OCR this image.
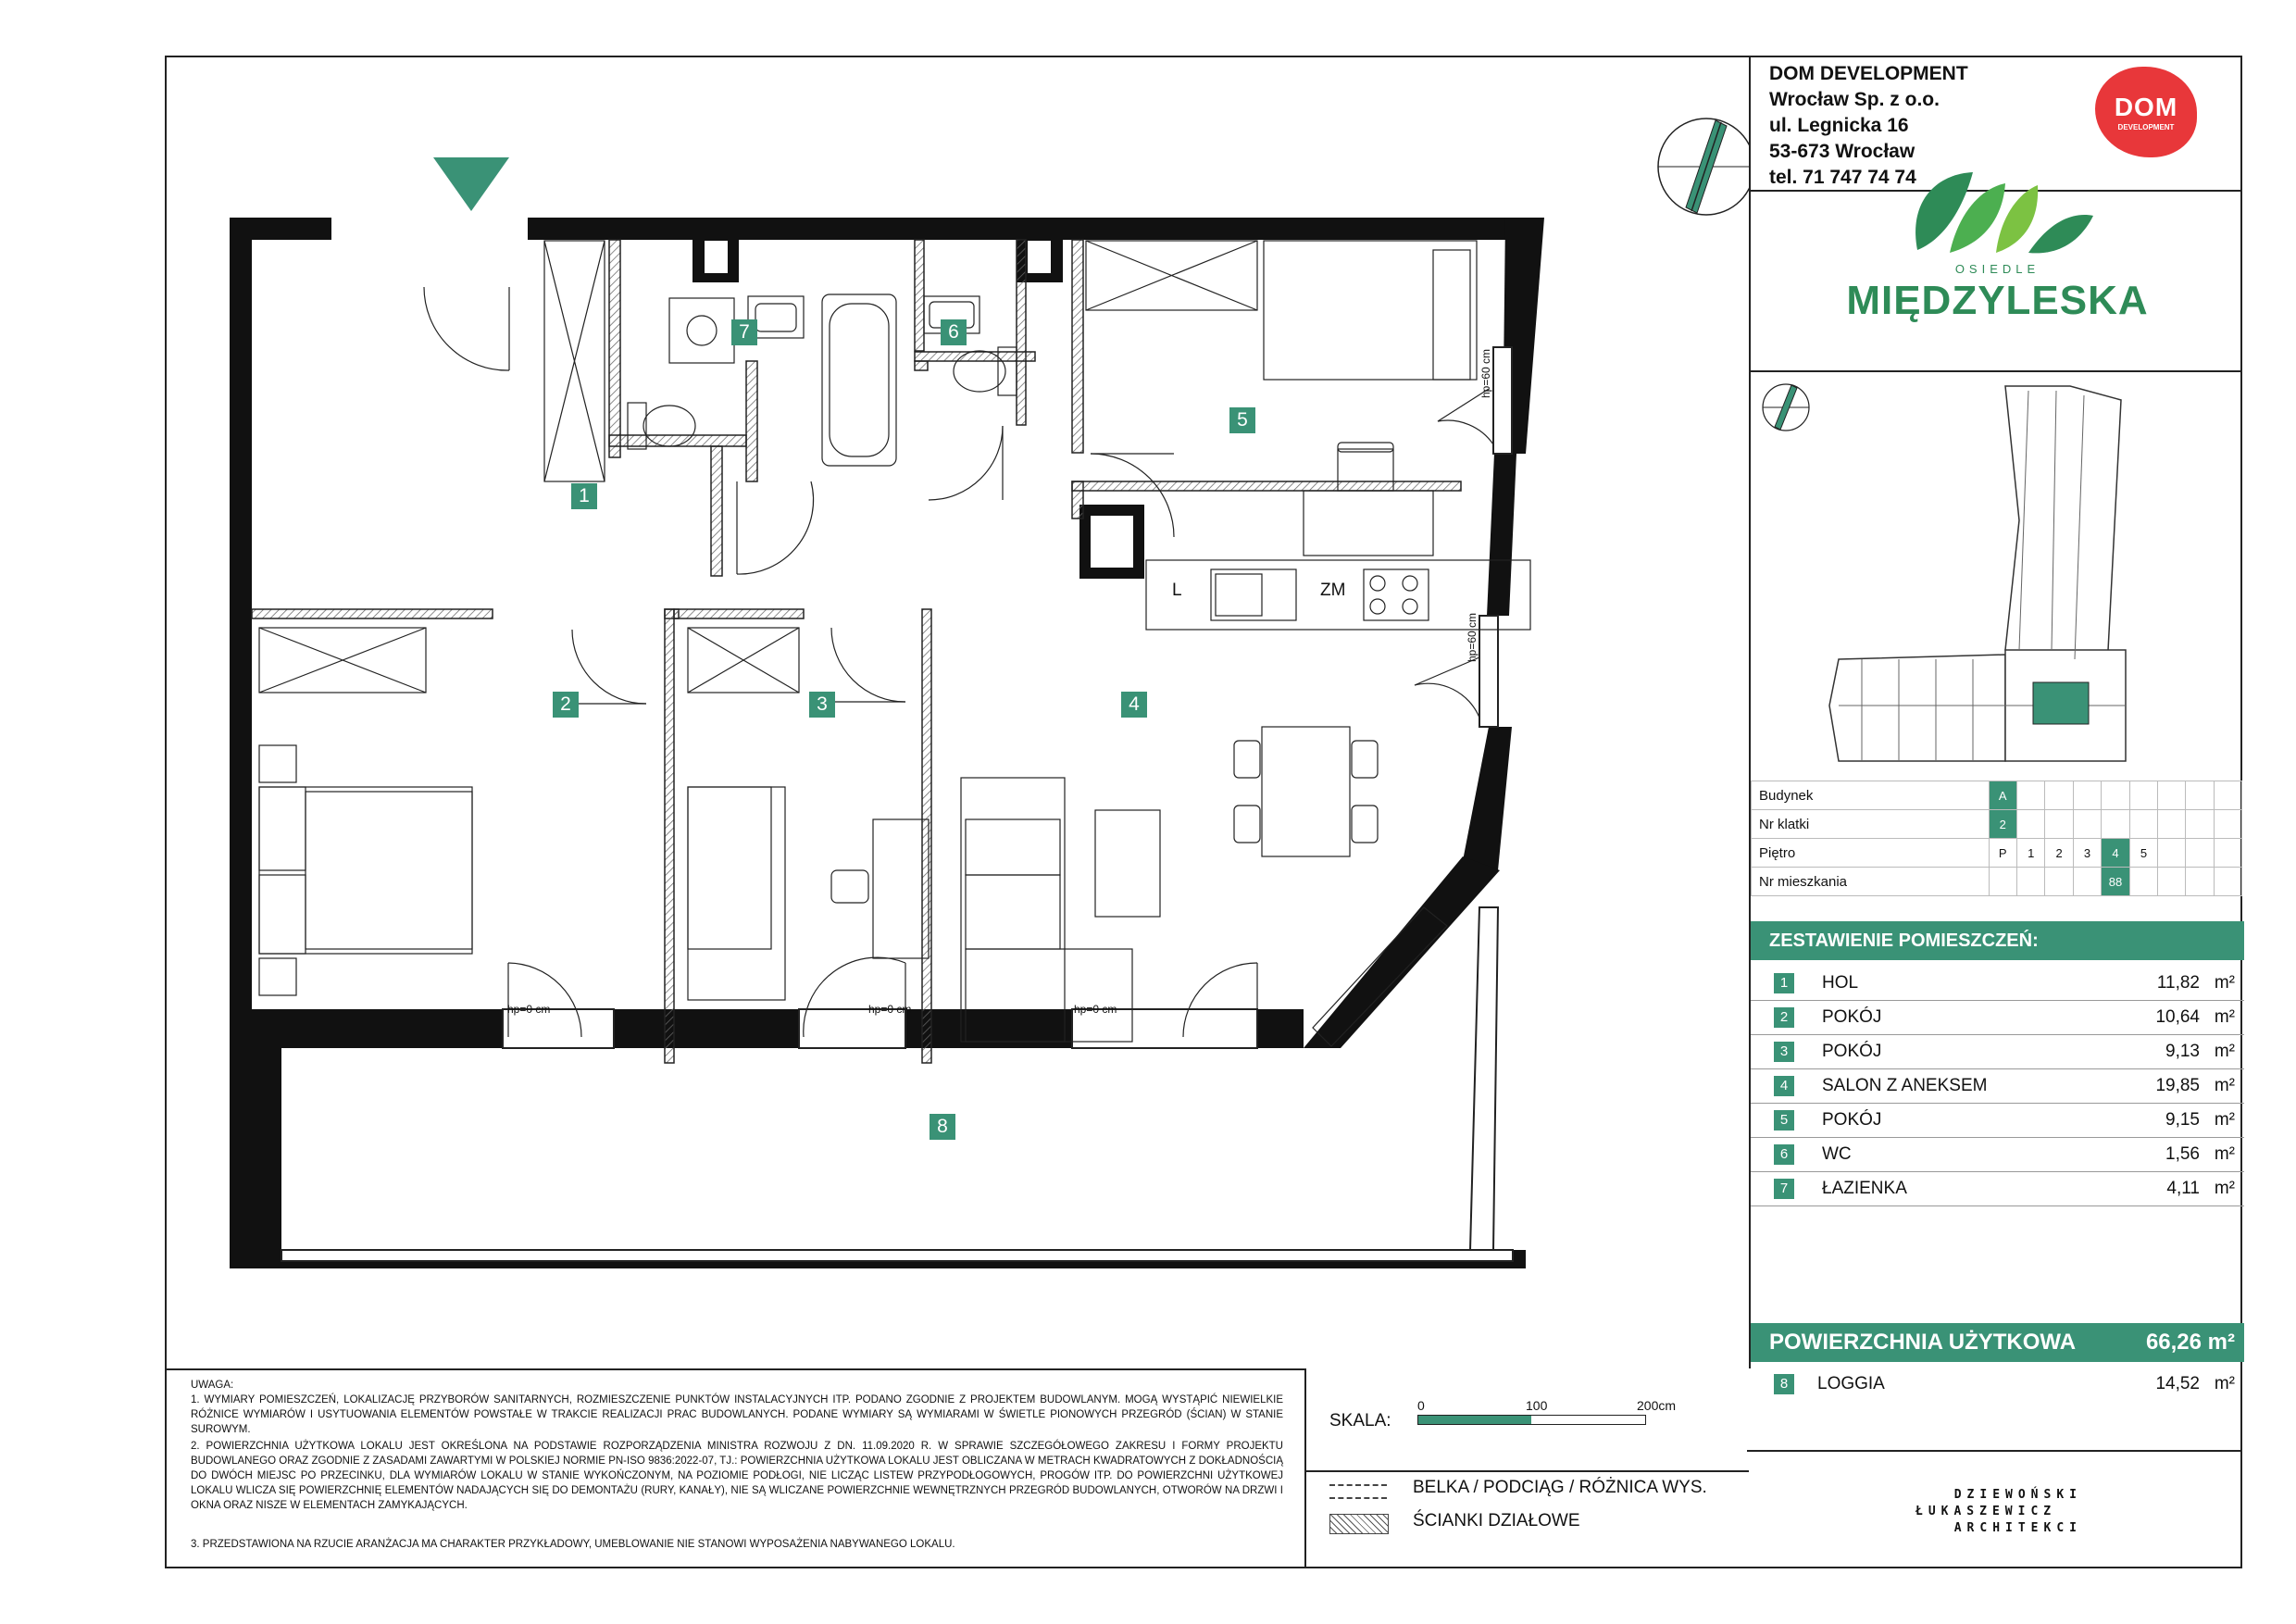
1
2	3	4
5
6
7
8
L	ZM
hp=60 cm
hp=60 cm
hp=0 cm	hp=0 cm	hp=0 cm
DOM DEVELOPMENT
Wrocław Sp. z o.o.
ul. Legnicka 16
53-673 Wrocław
tel. 71 747 74 74
DOM
DEVELOPMENT
OSIEDLE
MIĘDZYLESKA
Budynek	A								
Nr klatki	2								
Piętro	P	1	2	3	4	5			
Nr mieszkania					88				
ZESTAWIENIE POMIESZCZEŃ:
1	HOL	11,82 m²
2	POKÓJ	10,64 m²
3	POKÓJ	9,13 m²
4	SALON Z ANEKSEM	19,85 m²
5	POKÓJ	9,15 m²
6	WC	1,56 m²
7	ŁAZIENKA	4,11 m²
POWIERZCHNIA UŻYTKOWA	66,26 m²
8	LOGGIA	14,52 m²
UWAGA:
1. WYMIARY POMIESZCZEŃ, LOKALIZACJĘ PRZYBORÓW SANITARNYCH, ROZMIESZCZENIE PUNKTÓW INSTALACYJNYCH ITP. PODANO ZGODNIE Z PROJEKTEM BUDOWLANYM. MOGĄ WYSTĄPIĆ NIEWIELKIE RÓŻNICE WYMIARÓW I USYTUOWANIA ELEMENTÓW POWSTAŁE W TRAKCIE REALIZACJI PRAC BUDOWLANYCH. PODANE WYMIARY SĄ WYMIARAMI W ŚWIETLE PIONOWYCH PRZEGRÓD (ŚCIAN) W STANIE SUROWYM.
2. POWIERZCHNIA UŻYTKOWA LOKALU JEST OKREŚLONA NA PODSTAWIE ROZPORZĄDZENIA MINISTRA ROZWOJU Z DN. 11.09.2020 R. W SPRAWIE SZCZEGÓŁOWEGO ZAKRESU I FORMY PROJEKTU BUDOWLANEGO ORAZ ZGODNIE Z ZASADAMI ZAWARTYMI W POLSKIEJ NORMIE PN-ISO 9836:2022-07, TJ.: POWIERZCHNIA UŻYTKOWA LOKALU JEST OBLICZANA W METRACH KWADRATOWYCH Z DOKŁADNOŚCIĄ DO DWÓCH MIEJSC PO PRZECINKU, DLA WYMIARÓW LOKALU W STANIE WYKOŃCZONYM, NA POZIOMIE PODŁOGI, NIE LICZĄC LISTEW PRZYPODŁOGOWYCH, PROGÓW ITP. DO POWIERZCHNI UŻYTKOWEJ LOKALU WLICZA SIĘ POWIERZCHNIĘ ELEMENTÓW NADAJĄCYCH SIĘ DO DEMONTAŻU (RURY, KANAŁY), NIE SĄ WLICZANE POWIERZCHNIE WEWNĘTRZNYCH PRZEGRÓD BUDOWLANYCH, OTWORÓW NA DRZWI I OKNA ORAZ NISZE W ELEMENTACH ZAMYKAJĄCYCH.
3. PRZEDSTAWIONA NA RZUCIE ARANŻACJA MA CHARAKTER PRZYKŁADOWY, UMEBLOWANIE NIE STANOWI WYPOSAŻENIA NABYWANEGO LOKALU.
SKALA:
0	100	200cm
BELKA / PODCIĄG / RÓŻNICA WYS.
ŚCIANKI DZIAŁOWE
DZIEWOŃSKI
ŁUKASZEWICZ
ARCHITEKCI
